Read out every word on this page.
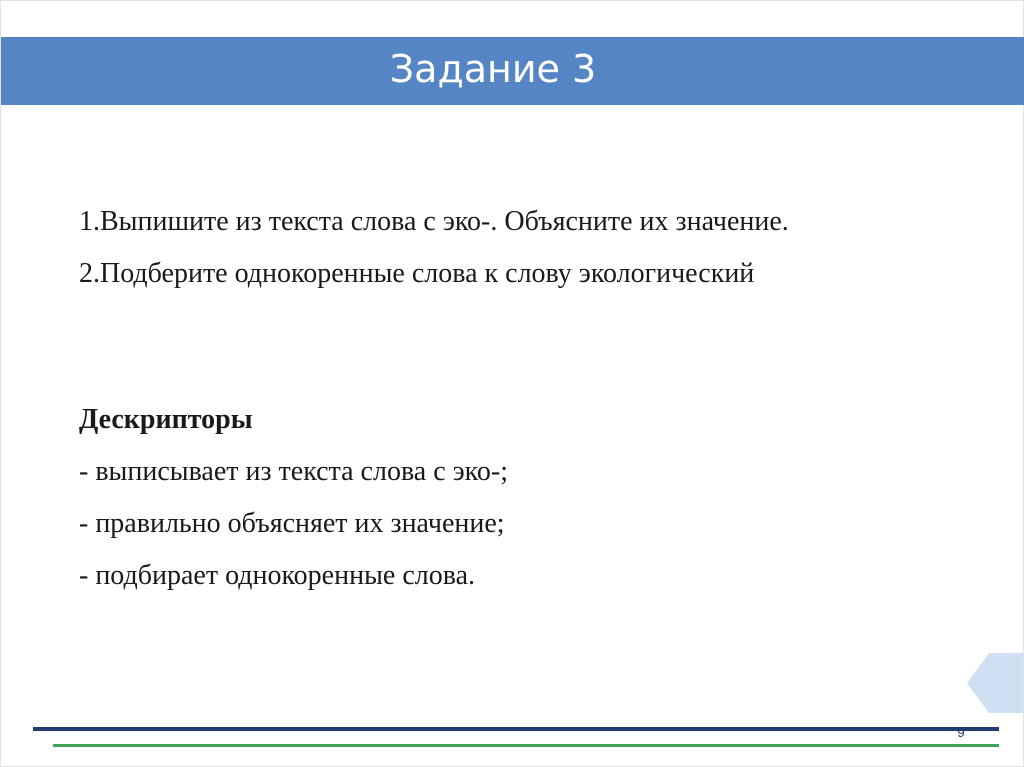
Задание 3
1.Выпишите из текста слова с эко-. Объясните их значение.
2.Подберите однокоренные слова к слову экологический
Дескрипторы
- выписывает из текста слова с эко-;
- правильно объясняет их значение;
- подбирает однокоренные слова.
9
